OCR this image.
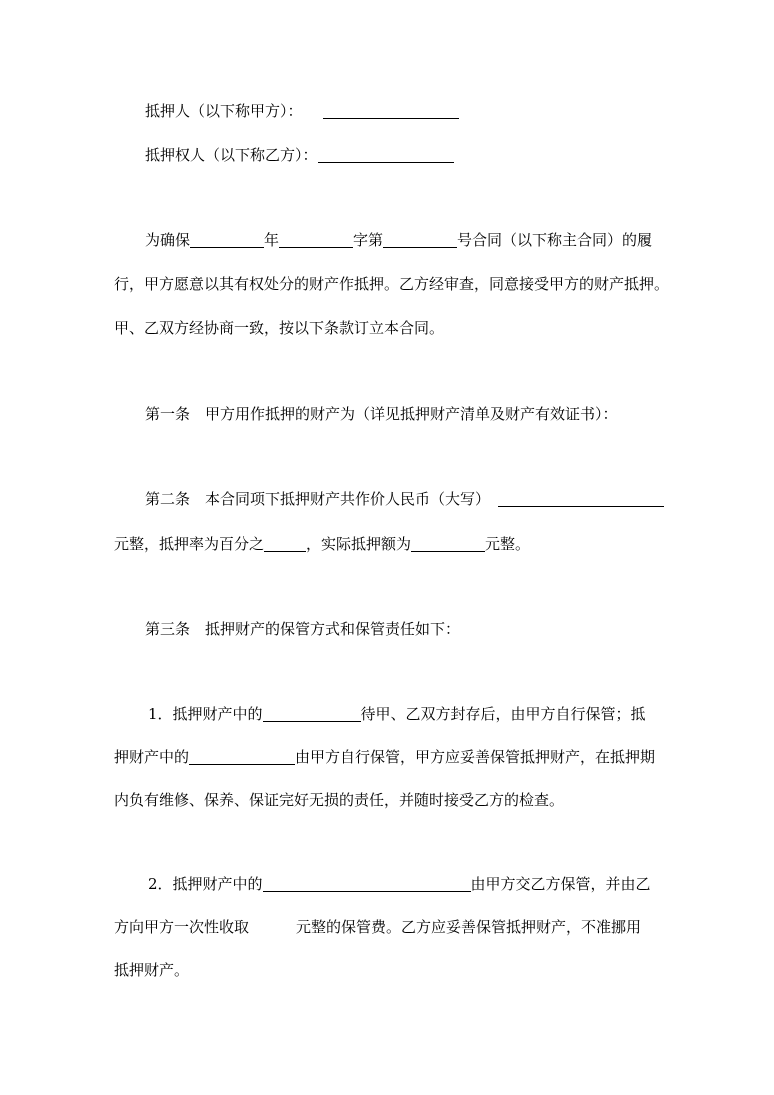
抵押人（以下称甲方）：
抵押权人（以下称乙方）：
为确保	年	字第	号合同（以下称主合同）的履
行，甲方愿意以其有权处分的财产作抵押。乙方经审查，同意接受甲方的财产抵押。
甲、乙双方经协商一致，按以下条款订立本合同。
第一条　甲方用作抵押的财产为（详见抵押财产清单及财产有效证书）：
第二条　本合同项下抵押财产共作价人民币（大写）
元整，抵押率为百分之	，实际抵押额为	元整。
第三条　抵押财产的保管方式和保管责任如下：
1．抵押财产中的	待甲、乙双方封存后，由甲方自行保管；抵
押财产中的	由甲方自行保管，甲方应妥善保管抵押财产，在抵押期
内负有维修、保养、保证完好无损的责任，并随时接受乙方的检查。
2．抵押财产中的	由甲方交乙方保管，并由乙
方向甲方一次性收取	元整的保管费。乙方应妥善保管抵押财产，不准挪用
抵押财产。
